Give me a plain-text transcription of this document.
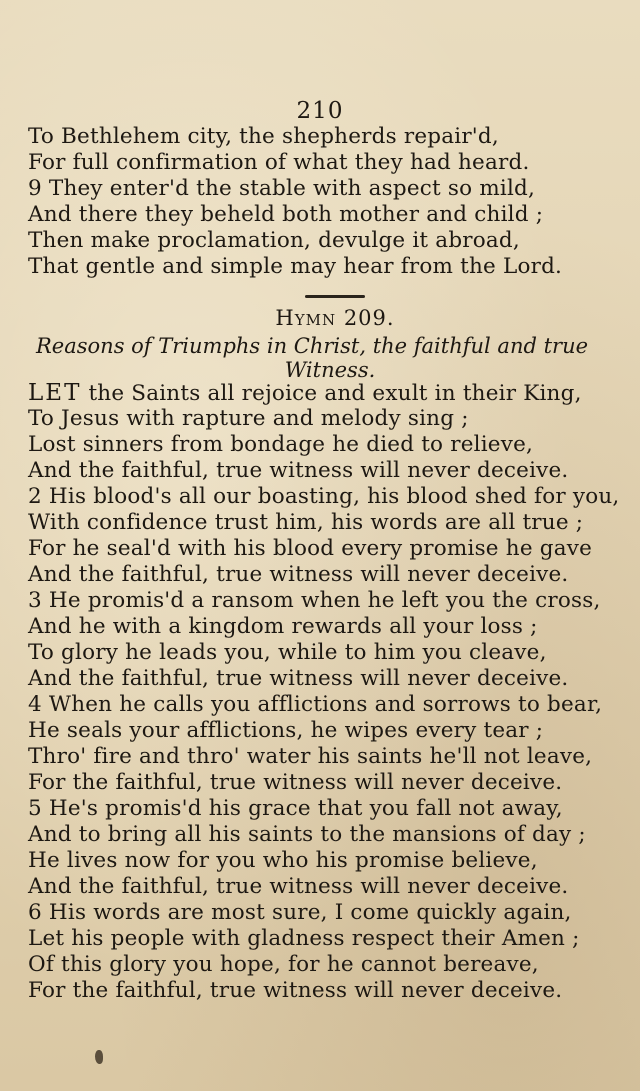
210
To Bethlehem city, the shepherds repair'd,
For full confirmation of what they had heard.
9 They enter'd the stable with aspect so mild,
And there they beheld both mother and child ;
Then make proclamation, devulge it abroad,
That gentle and simple may hear from the Lord.
Hymn 209.
Reasons of Triumphs in Christ, the faithful and true
Witness.
LET the Saints all rejoice and exult in their King,
To Jesus with rapture and melody sing ;
Lost sinners from bondage he died to relieve,
And the faithful, true witness will never deceive.
2 His blood's all our boasting, his blood shed for you,
With confidence trust him, his words are all true ;
For he seal'd with his blood every promise he gave
And the faithful, true witness will never deceive.
3 He promis'd a ransom when he left you the cross,
And he with a kingdom rewards all your loss ;
To glory he leads you, while to him you cleave,
And the faithful, true witness will never deceive.
4 When he calls you afflictions and sorrows to bear,
He seals your afflictions, he wipes every tear ;
Thro' fire and thro' water his saints he'll not leave,
For the faithful, true witness will never deceive.
5 He's promis'd his grace that you fall not away,
And to bring all his saints to the mansions of day ;
He lives now for you who his promise believe,
And the faithful, true witness will never deceive.
6 His words are most sure, I come quickly again,
Let his people with gladness respect their Amen ;
Of this glory you hope, for he cannot bereave,
For the faithful, true witness will never deceive.
